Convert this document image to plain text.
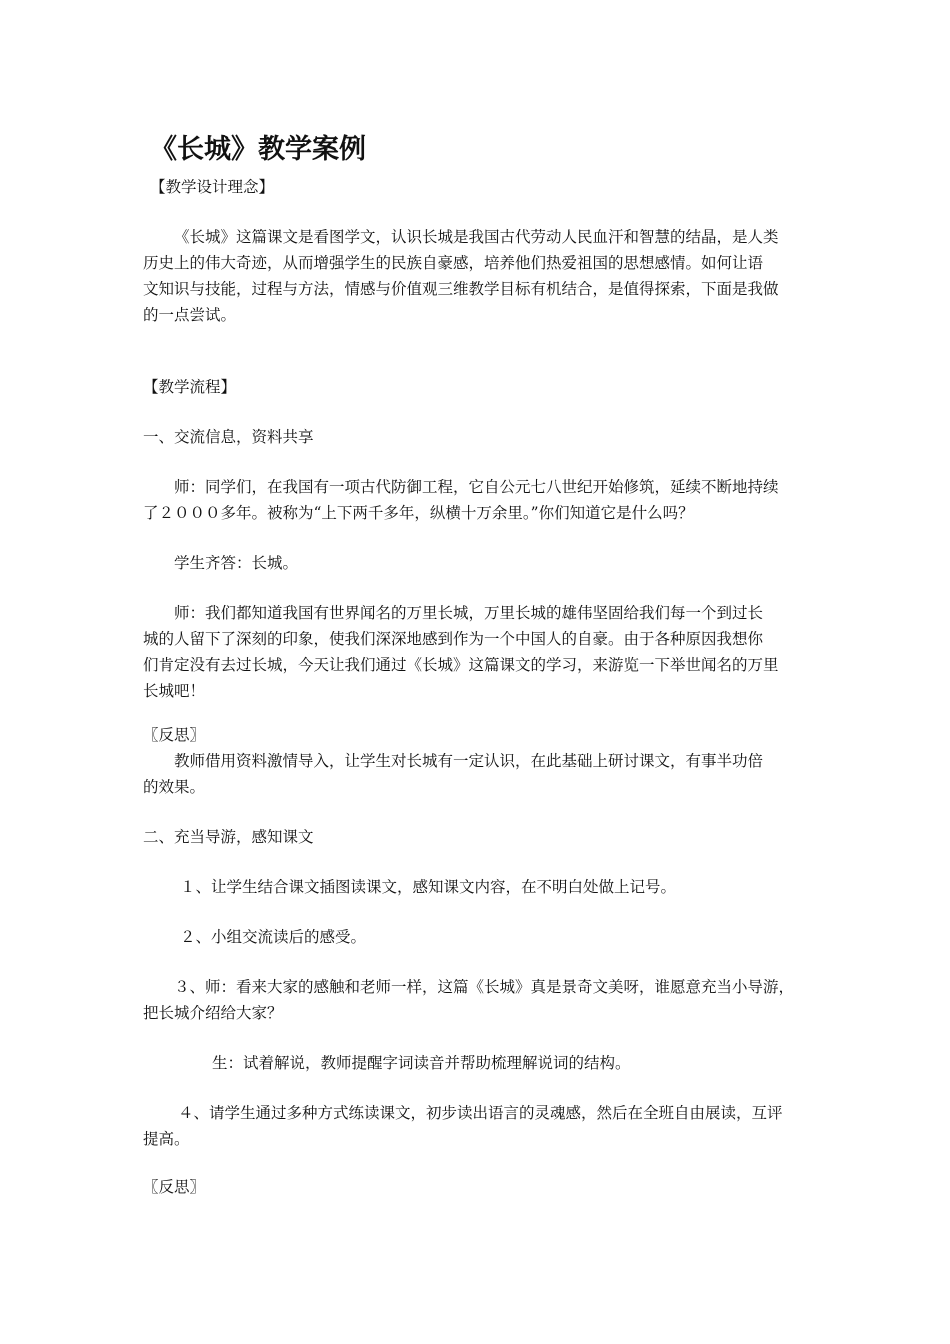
《长城》教学案例
【教学设计理念】
《长城》这篇课文是看图学文，认识长城是我国古代劳动人民血汗和智慧的结晶，是人类
历史上的伟大奇迹，从而增强学生的民族自豪感，培养他们热爱祖国的思想感情。如何让语
文知识与技能，过程与方法，情感与价值观三维教学目标有机结合，是值得探索，下面是我做
的一点尝试。
【教学流程】
一、交流信息，资料共享
师：同学们，在我国有一项古代防御工程，它自公元七八世纪开始修筑，延续不断地持续
了２０００多年。被称为“上下两千多年，纵横十万余里。”你们知道它是什么吗？
学生齐答：长城。
师：我们都知道我国有世界闻名的万里长城，万里长城的雄伟坚固给我们每一个到过长
城的人留下了深刻的印象，使我们深深地感到作为一个中国人的自豪。由于各种原因我想你
们肯定没有去过长城，今天让我们通过《长城》这篇课文的学习，来游览一下举世闻名的万里
长城吧！
〖反思〗
教师借用资料激情导入，让学生对长城有一定认识，在此基础上研讨课文，有事半功倍
的效果。
二、充当导游，感知课文
１、让学生结合课文插图读课文，感知课文内容，在不明白处做上记号。
２、小组交流读后的感受。
３、师：看来大家的感触和老师一样，这篇《长城》真是景奇文美呀，谁愿意充当小导游，
把长城介绍给大家？
生：试着解说，教师提醒字词读音并帮助梳理解说词的结构。
４、请学生通过多种方式练读课文，初步读出语言的灵魂感，然后在全班自由展读，互评
提高。
〖反思〗
